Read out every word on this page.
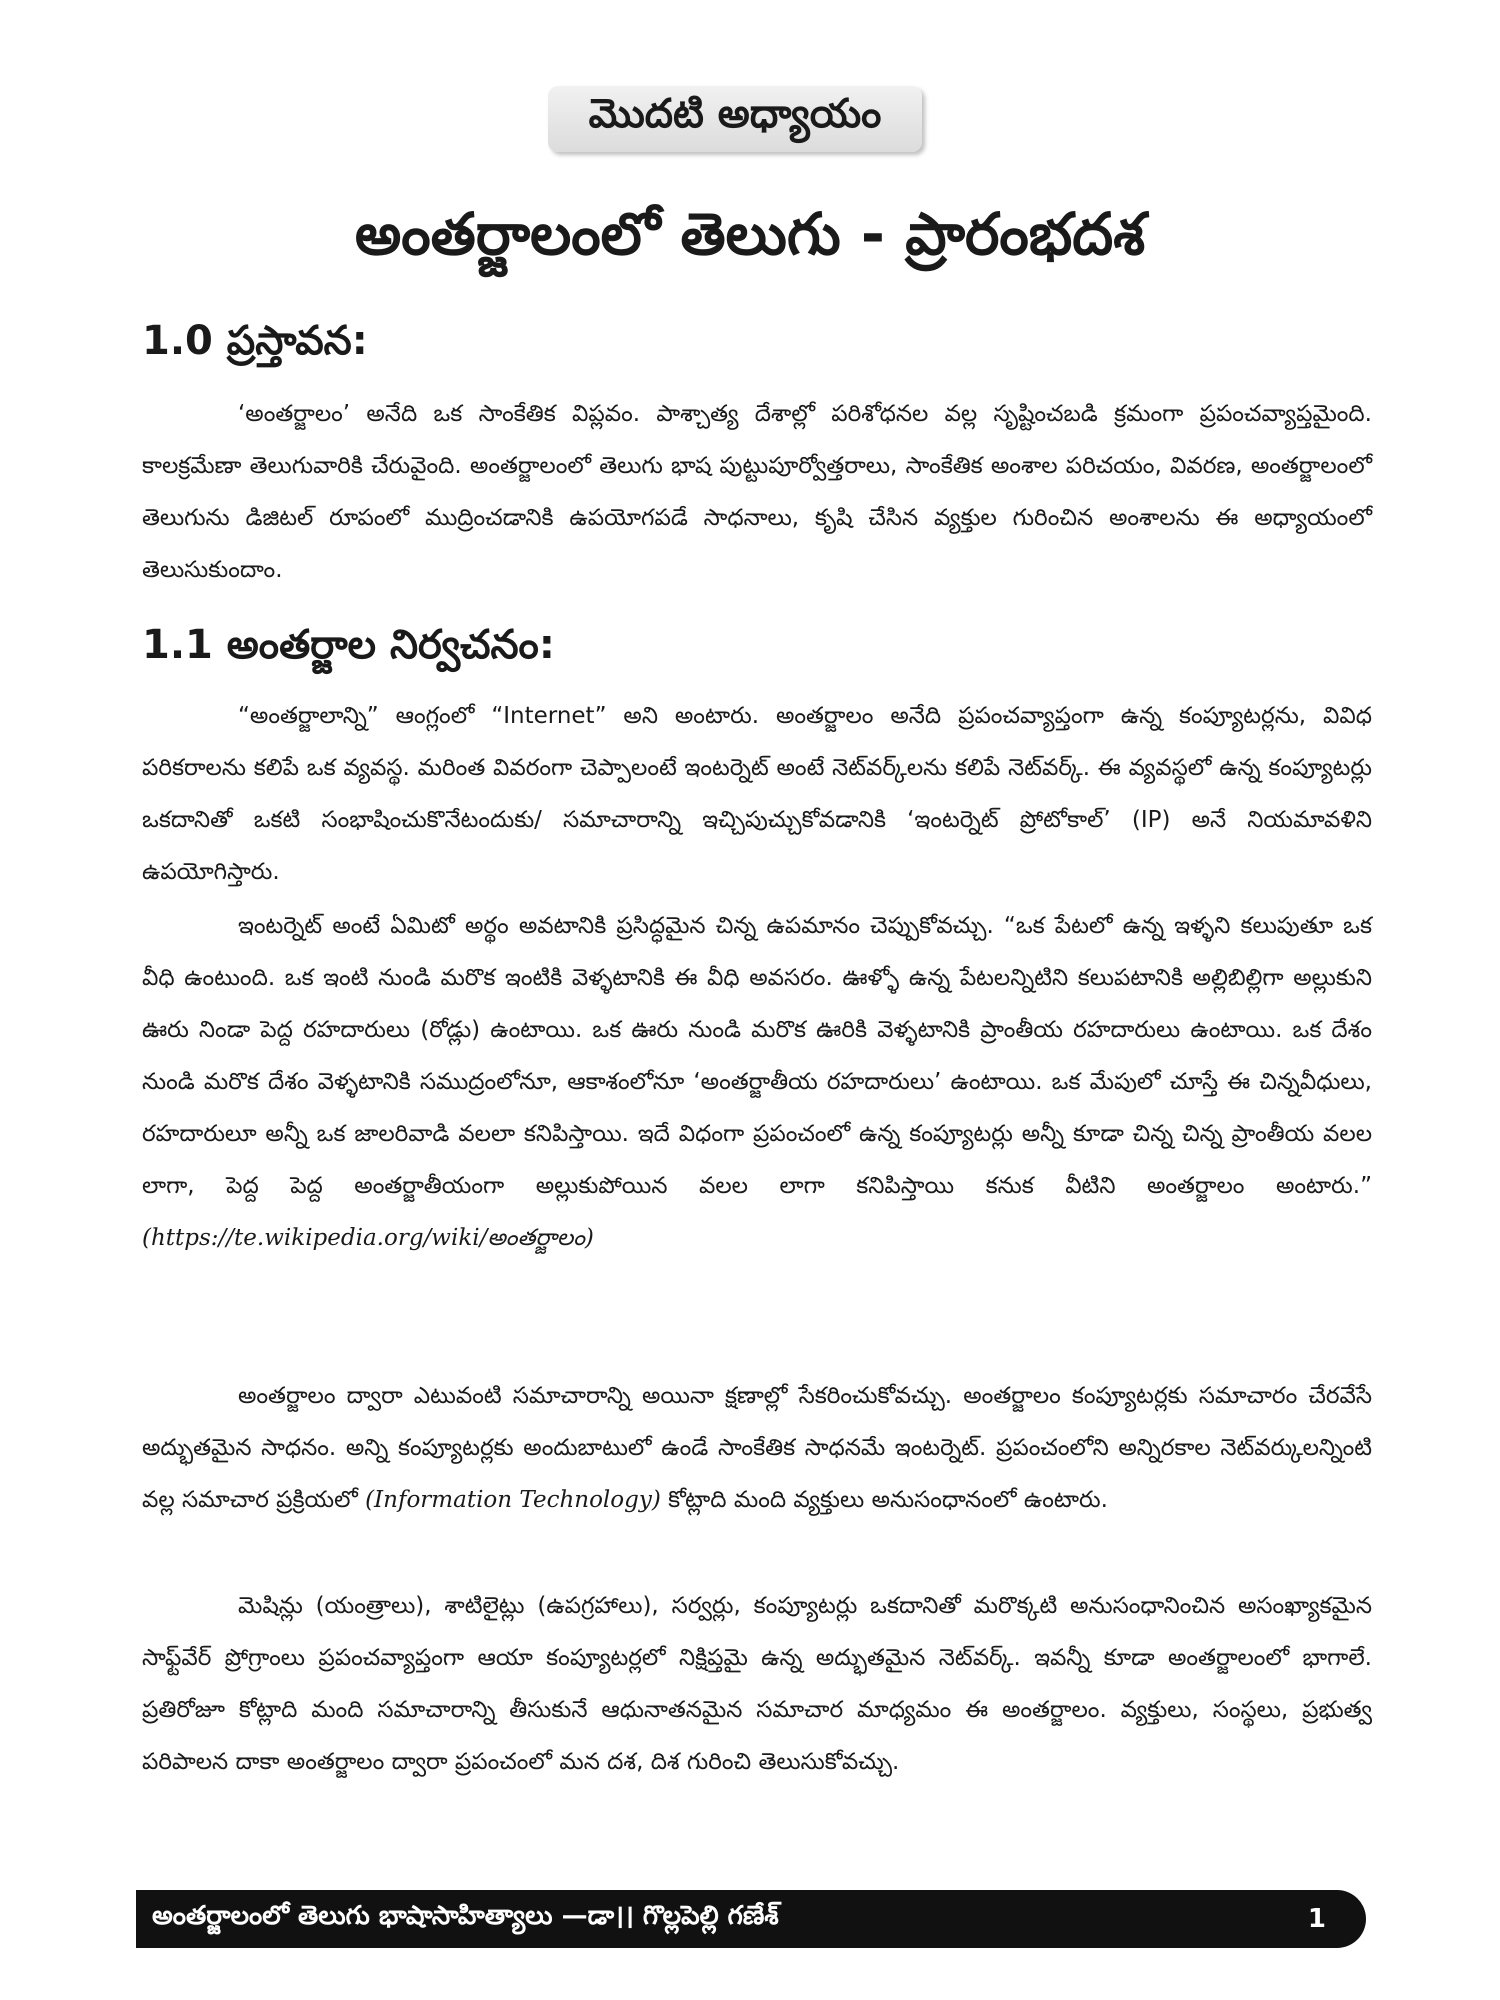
మొదటి అధ్యాయం
అంతర్జాలంలో తెలుగు - ప్రారంభదశ
1.0 ప్రస్తావన:

‘అంతర్జాలం’ అనేది ఒక సాంకేతిక విప్లవం. పాశ్చాత్య దేశాల్లో పరిశోధనల వల్ల సృష్టించబడి క్రమంగా ప్రపంచవ్యాప్తమైంది. కాలక్రమేణా తెలుగువారికి చేరువైంది. అంతర్జాలంలో తెలుగు భాష పుట్టుపూర్వోత్తరాలు, సాంకేతిక అంశాల పరిచయం, వివరణ, అంతర్జాలంలో తెలుగును డిజిటల్ రూపంలో ముద్రించడానికి ఉపయోగపడే సాధనాలు, కృషి చేసిన వ్యక్తుల గురించిన అంశాలను ఈ అధ్యాయంలో తెలుసుకుందాం.

1.1 అంతర్జాల నిర్వచనం:

“అంతర్జాలాన్ని” ఆంగ్లంలో “Internet” అని అంటారు. అంతర్జాలం అనేది ప్రపంచవ్యాప్తంగా ఉన్న కంప్యూటర్లను, వివిధ పరికరాలను కలిపే ఒక వ్యవస్థ. మరింత వివరంగా చెప్పాలంటే ఇంటర్నెట్ అంటే నెట్‌వర్క్‌లను కలిపే నెట్‌వర్క్. ఈ వ్యవస్థలో ఉన్న కంప్యూటర్లు ఒకదానితో ఒకటి సంభాషించుకొనేటందుకు/ సమాచారాన్ని ఇచ్చిపుచ్చుకోవడానికి ‘ఇంటర్నెట్ ప్రోటోకాల్’ (IP) అనే నియమావళిని ఉపయోగిస్తారు.

ఇంటర్నెట్ అంటే ఏమిటో అర్థం అవటానికి ప్రసిద్ధమైన చిన్న ఉపమానం చెప్పుకోవచ్చు. “ఒక పేటలో ఉన్న ఇళ్ళని కలుపుతూ ఒక వీధి ఉంటుంది. ఒక ఇంటి నుండి మరొక ఇంటికి వెళ్ళటానికి ఈ వీధి అవసరం. ఊళ్ళో ఉన్న పేటలన్నిటిని కలుపటానికి అల్లిబిల్లిగా అల్లుకుని ఊరు నిండా పెద్ద రహదారులు (రోడ్లు) ఉంటాయి. ఒక ఊరు నుండి మరొక ఊరికి వెళ్ళటానికి ప్రాంతీయ రహదారులు ఉంటాయి. ఒక దేశం నుండి మరొక దేశం వెళ్ళటానికి సముద్రంలోనూ, ఆకాశంలోనూ ‘అంతర్జాతీయ రహదారులు’ ఉంటాయి. ఒక మేపులో చూస్తే ఈ చిన్నవీధులు, రహదారులూ అన్నీ ఒక జాలరివాడి వలలా కనిపిస్తాయి. ఇదే విధంగా ప్రపంచంలో ఉన్న కంప్యూటర్లు అన్నీ కూడా చిన్న చిన్న ప్రాంతీయ వలల లాగా, పెద్ద పెద్ద అంతర్జాతీయంగా అల్లుకుపోయిన వలల లాగా కనిపిస్తాయి కనుక వీటిని అంతర్జాలం అంటారు.” (https://te.wikipedia.org/wiki/అంతర్జాలం)

అంతర్జాలం ద్వారా ఎటువంటి సమాచారాన్ని అయినా క్షణాల్లో సేకరించుకోవచ్చు. అంతర్జాలం కంప్యూటర్లకు సమాచారం చేరవేసే అద్భుతమైన సాధనం. అన్ని కంప్యూటర్లకు అందుబాటులో ఉండే సాంకేతిక సాధనమే ఇంటర్నెట్. ప్రపంచంలోని అన్నిరకాల నెట్‌వర్కులన్నింటి వల్ల సమాచార ప్రక్రియలో (Information Technology) కోట్లాది మంది వ్యక్తులు అనుసంధానంలో ఉంటారు.

మెషిన్లు (యంత్రాలు), శాటిలైట్లు (ఉపగ్రహాలు), సర్వర్లు, కంప్యూటర్లు ఒకదానితో మరొక్కటి అనుసంధానించిన అసంఖ్యాకమైన సాఫ్ట్‌వేర్ ప్రోగ్రాంలు ప్రపంచవ్యాప్తంగా ఆయా కంప్యూటర్లలో నిక్షిప్తమై ఉన్న అద్భుతమైన నెట్‌వర్క్. ఇవన్నీ కూడా అంతర్జాలంలో భాగాలే. ప్రతిరోజూ కోట్లాది మంది సమాచారాన్ని తీసుకునే ఆధునాతనమైన సమాచార మాధ్యమం ఈ అంతర్జాలం. వ్యక్తులు, సంస్థలు, ప్రభుత్వ పరిపాలన దాకా అంతర్జాలం ద్వారా ప్రపంచంలో మన దశ, దిశ గురించి తెలుసుకోవచ్చు.

అంతర్జాలంలో తెలుగు భాషాసాహిత్యాలు —డా।। గొల్లపెల్లి గణేశ్	1
